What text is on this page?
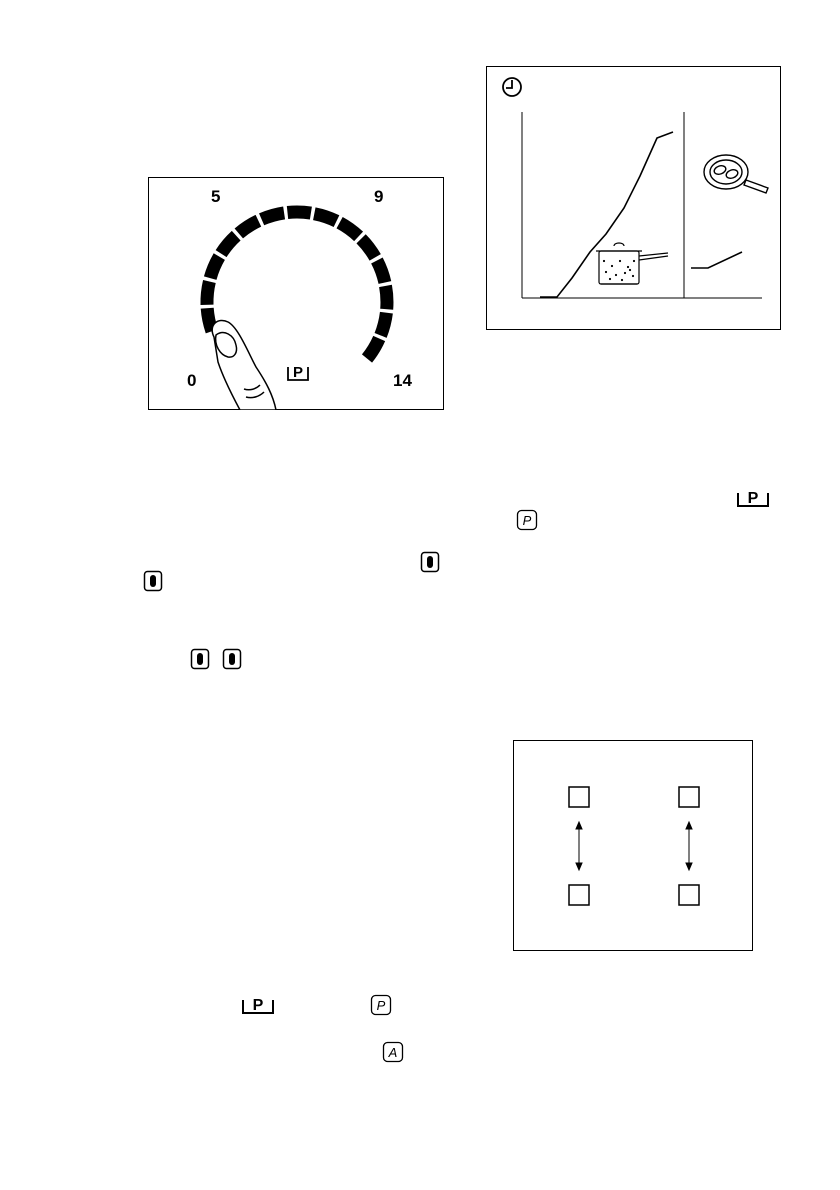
5	9
0	14
P
P
P
P	P
A
